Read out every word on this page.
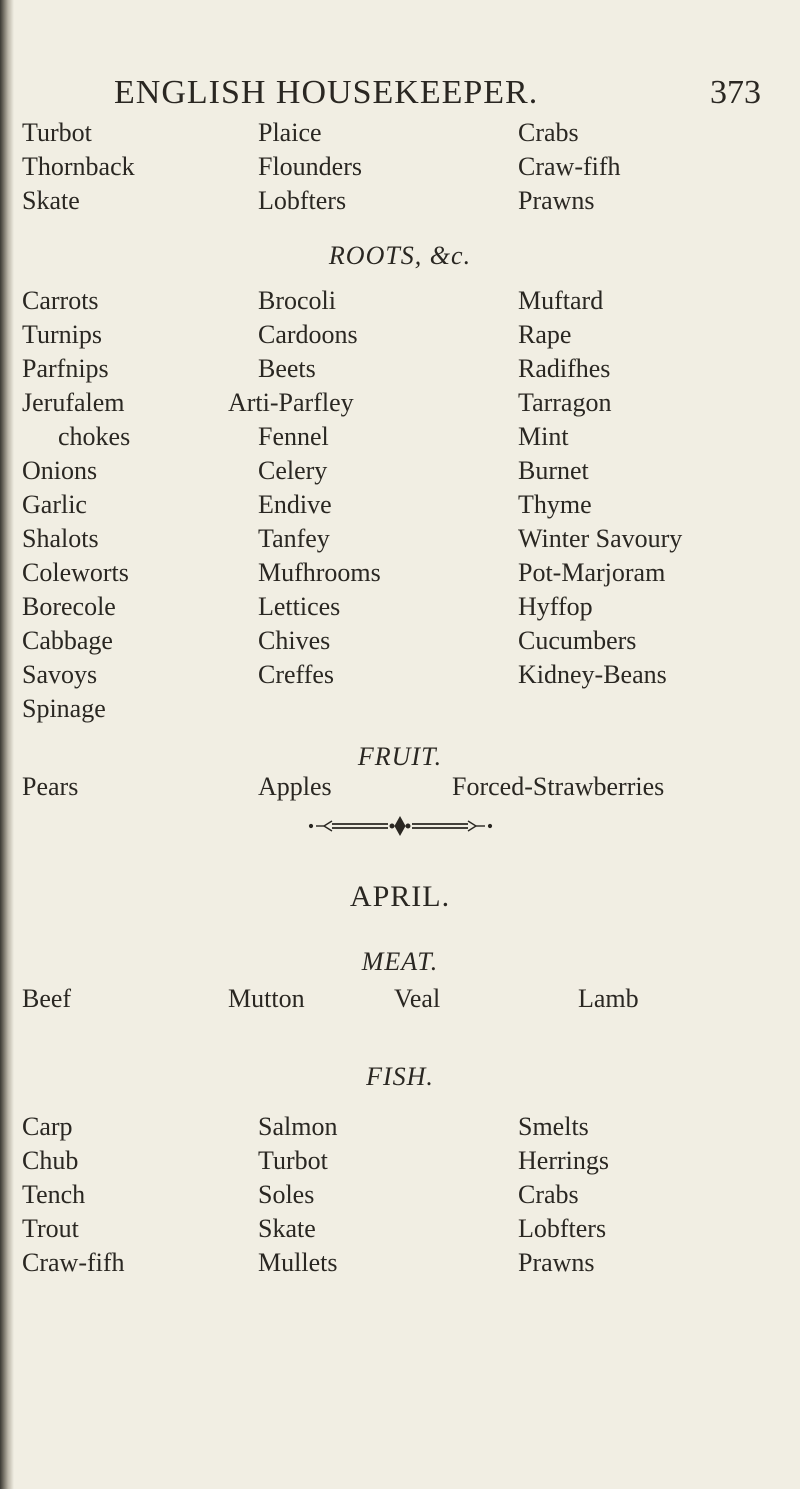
ENGLISH HOUSEKEEPER.	373
Turbot	Plaice	Crabs
Thornback	Flounders	Craw-fifh
Skate	Lobfters	Prawns
ROOTS, &c.
Carrots	Brocoli	Muftard
Turnips	Cardoons	Rape
Parfnips	Beets	Radifhes
Jerufalem	Arti-Parfley	Tarragon
chokes	Fennel	Mint
Onions	Celery	Burnet
Garlic	Endive	Thyme
Shalots	Tanfey	Winter Savoury
Coleworts	Mufhrooms	Pot-Marjoram
Borecole	Lettices	Hyffop
Cabbage	Chives	Cucumbers
Savoys	Creffes	Kidney-Beans
Spinage
FRUIT.
Pears	Apples	Forced-Strawberries
APRIL.
MEAT.
Beef	Mutton	Veal	Lamb
FISH.
Carp	Salmon	Smelts
Chub	Turbot	Herrings
Tench	Soles	Crabs
Trout	Skate	Lobfters
Craw-fifh	Mullets	Prawns
